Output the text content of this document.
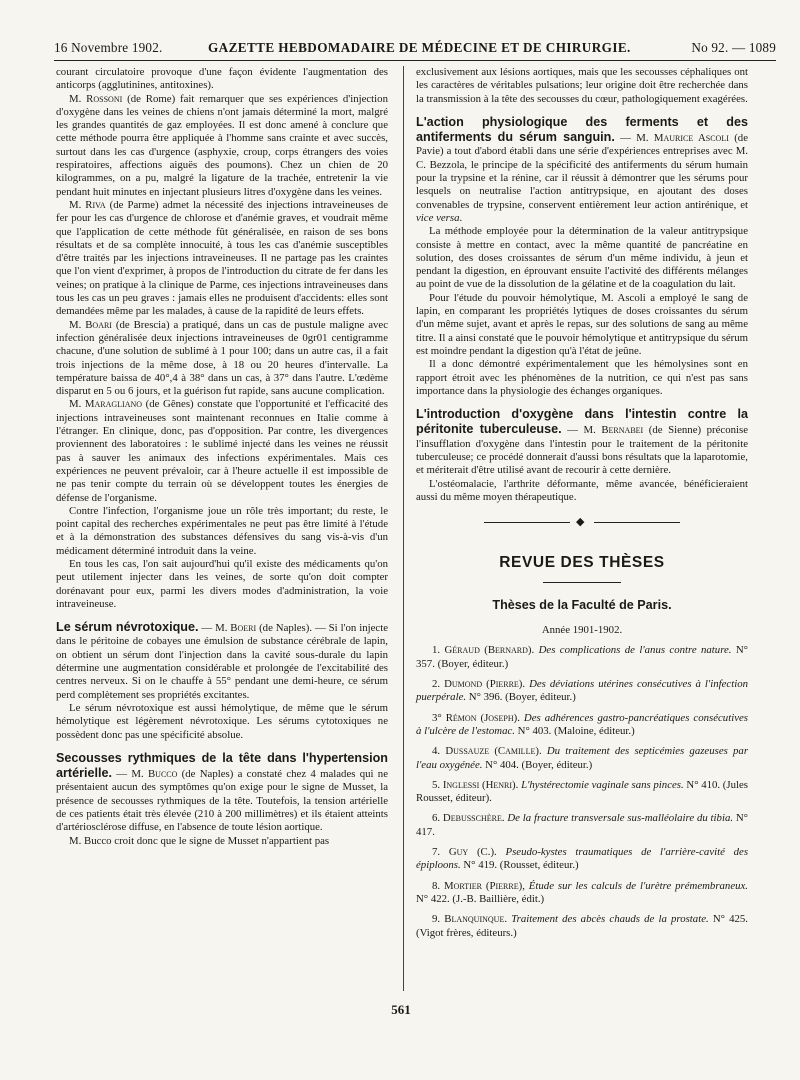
16 Novembre 1902.	GAZETTE HEBDOMADAIRE DE MÉDECINE ET DE CHIRURGIE.	No 92. — 1089

courant circulatoire provoque d'une façon évidente l'augmentation des anticorps (agglutinines, antitoxines).

M. Rossoni (de Rome) fait remarquer que ses expériences d'injection d'oxygène dans les veines de chiens n'ont jamais déterminé la mort, malgré les grandes quantités de gaz employées. Il est donc amené à conclure que cette méthode pourra être appliquée à l'homme sans crainte et avec succès, surtout dans les cas d'urgence (asphyxie, croup, corps étrangers des voies respiratoires, affections aiguës des poumons). Chez un chien de 20 kilogrammes, on a pu, malgré la ligature de la trachée, entretenir la vie pendant huit minutes en injectant plusieurs litres d'oxygène dans les veines.

M. Riva (de Parme) admet la nécessité des injections intraveineuses de fer pour les cas d'urgence de chlorose et d'anémie graves, et voudrait même que l'application de cette méthode fût généralisée, en raison de ses bons résultats et de sa complète innocuité, à tous les cas d'anémie susceptibles d'être traités par les injections intraveineuses. Il ne partage pas les craintes que l'on vient d'exprimer, à propos de l'introduction du citrate de fer dans les veines; on pratique à la clinique de Parme, ces injections intraveineuses dans tous les cas un peu graves : jamais elles ne produisent d'accidents: elles sont demandées même par les malades, à cause de la rapidité de leurs effets.

M. Boari (de Brescia) a pratiqué, dans un cas de pustule maligne avec infection généralisée deux injections intraveineuses de 0gr01 centigramme chacune, d'une solution de sublimé à 1 pour 100; dans un autre cas, il a fait trois injections de la même dose, à 18 ou 20 heures d'intervalle. La température baissa de 40°,4 à 38° dans un cas, à 37° dans l'autre. L'œdème disparut en 5 ou 6 jours, et la guérison fut rapide, sans aucune complication.

M. Maragliano (de Gênes) constate que l'opportunité et l'efficacité des injections intraveineuses sont maintenant reconnues en Italie comme à l'étranger. En clinique, donc, pas d'opposition. Par contre, les divergences proviennent des laboratoires : le sublimé injecté dans les veines ne réussit pas à sauver les animaux des infections expérimentales. Mais ces expériences ne peuvent prévaloir, car à l'heure actuelle il est impossible de ne pas tenir compte du terrain où se développent toutes les énergies de défense de l'organisme.

Contre l'infection, l'organisme joue un rôle très important; du reste, le point capital des recherches expérimentales ne peut pas être limité à l'étude et à la démonstration des substances défensives du sang vis-à-vis d'un médicament déterminé introduit dans la veine.

En tous les cas, l'on sait aujourd'hui qu'il existe des médicaments qu'on peut utilement injecter dans les veines, de sorte qu'on doit compter dorénavant pour eux, parmi les divers modes d'administration, la voie intraveineuse.

Le sérum névrotoxique. — M. Boeri (de Naples). — Si l'on injecte dans le péritoine de cobayes une émulsion de substance cérébrale de lapin, on obtient un sérum dont l'injection dans la cavité sous-durale du lapin détermine une augmentation considérable et prolongée de l'excitabilité des centres nerveux. Si on le chauffe à 55° pendant une demi-heure, ce sérum perd complètement ses propriétés excitantes.

Le sérum névrotoxique est aussi hémolytique, de même que le sérum hémolytique est légèrement névrotoxique. Les sérums cytotoxiques ne possèdent donc pas une spécificité absolue.

Secousses rythmiques de la tête dans l'hypertension artérielle. — M. Bucco (de Naples) a constaté chez 4 malades qui ne présentaient aucun des symptômes qu'on exige pour le signe de Musset, la présence de secousses rythmiques de la tête. Toutefois, la tension artérielle de ces patients était très élevée (210 à 200 millimètres) et ils étaient atteints d'artériosclérose diffuse, en l'absence de toute lésion aortique.

M. Bucco croit donc que le signe de Musset n'appartient pas

exclusivement aux lésions aortiques, mais que les secousses céphaliques ont les caractères de véritables pulsations; leur origine doit être recherchée dans la transmission à la tête des secousses du cœur, pathologiquement exagérées.

L'action physiologique des ferments et des antiferments du sérum sanguin. — M. Maurice Ascoli (de Pavie) a tout d'abord établi dans une série d'expériences entreprises avec M. C. Bezzola, le principe de la spécificité des antiferments du sérum humain pour la trypsine et la rénine, car il réussit à démontrer que les sérums pour lesquels on neutralise l'action antitrypsique, en ajoutant des doses convenables de trypsine, conservent entièrement leur action antirénique, et vice versa.

La méthode employée pour la détermination de la valeur antitrypsique consiste à mettre en contact, avec la même quantité de pancréatine en solution, des doses croissantes de sérum d'un même individu, à jeun et pendant la digestion, en éprouvant ensuite l'activité des différents mélanges au point de vue de la dissolution de la gélatine et de la coagulation du lait.

Pour l'étude du pouvoir hémolytique, M. Ascoli a employé le sang de lapin, en comparant les propriétés lytiques de doses croissantes du sérum d'un même sujet, avant et après le repas, sur des solutions de sang au même titre. Il a ainsi constaté que le pouvoir hémolytique et antitrypsique du sérum est moindre pendant la digestion qu'à l'état de jeûne.

Il a donc démontré expérimentalement que les hémolysines sont en rapport étroit avec les phénomènes de la nutrition, ce qui n'est pas sans importance dans la physiologie des échanges organiques.

L'introduction d'oxygène dans l'intestin contre la péritonite tuberculeuse. — M. Bernabei (de Sienne) préconise l'insufflation d'oxygène dans l'intestin pour le traitement de la péritonite tuberculeuse; ce procédé donnerait d'aussi bons résultats que la laparotomie, et mériterait d'être utilisé avant de recourir à cette dernière.

L'ostéomalacie, l'arthrite déformante, même avancée, bénéficieraient aussi du même moyen thérapeutique.

◆
REVUE DES THÈSES
Thèses de la Faculté de Paris.
Année 1901-1902.

1. Géraud (Bernard). Des complications de l'anus contre nature. N° 357. (Boyer, éditeur.)

2. Dumond (Pierre). Des déviations utérines consécutives à l'infection puerpérale. N° 396. (Boyer, éditeur.)

3° Rémon (Joseph). Des adhérences gastro-pancréatiques consécutives à l'ulcère de l'estomac. N° 403. (Maloine, éditeur.)

4. Dussauze (Camille). Du traitement des septicémies gazeuses par l'eau oxygénée. N° 404. (Boyer, éditeur.)

5. Inglessi (Henri). L'hystérectomie vaginale sans pinces. N° 410. (Jules Rousset, éditeur).

6. Debusschère. De la fracture transversale sus-malléolaire du tibia. N° 417.

7. Guy (C.). Pseudo-kystes traumatiques de l'arrière-cavité des épiploons. N° 419. (Rousset, éditeur.)

8. Mortier (Pierre), Étude sur les calculs de l'urètre prémembraneux. N° 422. (J.-B. Baillière, édit.)

9. Blanquinque. Traitement des abcès chauds de la prostate. N° 425. (Vigot frères, éditeurs.)

561
